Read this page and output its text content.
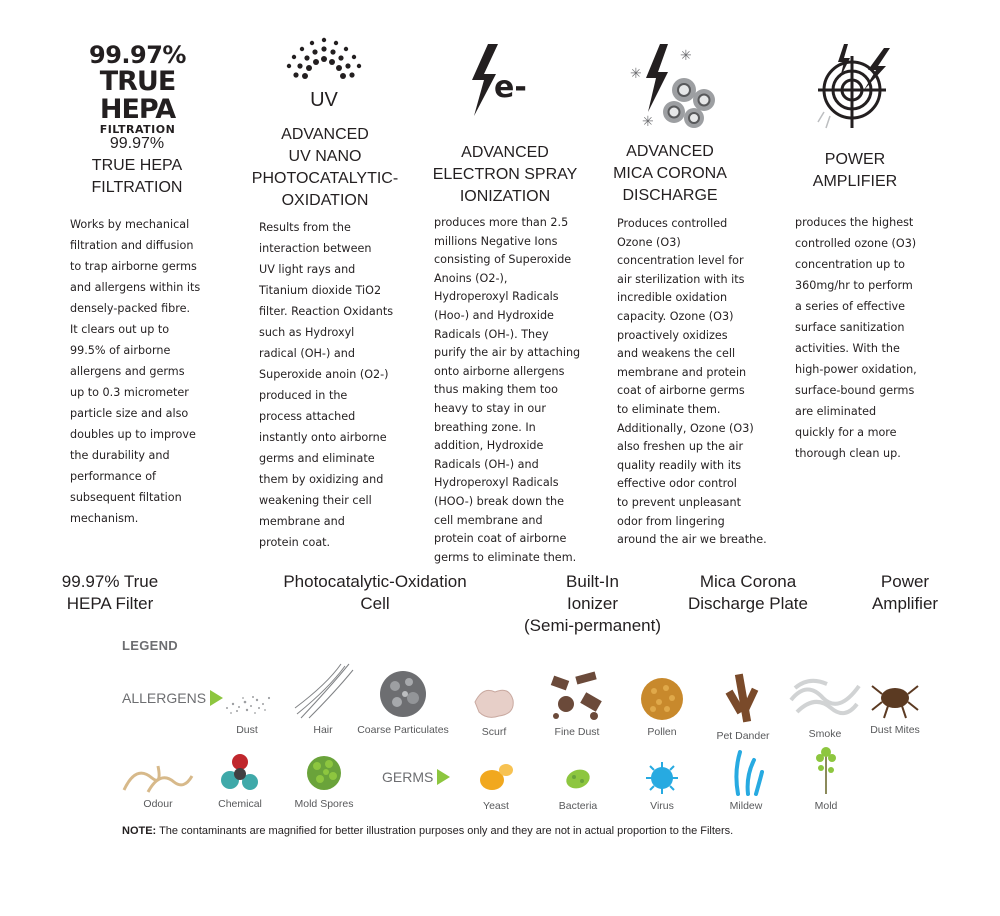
99.97%
TRUE HEPA
FILTRATION
UV	e-	✳
✳
✳
99.97%
TRUE HEPA
FILTRATION
ADVANCED
UV NANO
PHOTOCATALYTIC-
OXIDATION
ADVANCED
ELECTRON SPRAY
IONIZATION
ADVANCED
MICA CORONA
DISCHARGE
POWER
AMPLIFIER
Works by mechanical
filtration and diffusion
to trap airborne germs
and allergens within its
densely-packed fibre.
It clears out up to
99.5% of airborne
allergens and germs
up to 0.3 micrometer
particle size and also
doubles up to improve
the durability and
performance of
subsequent filtation
mechanism.
Results from the
interaction between
UV light rays and
Titanium dioxide TiO2
filter. Reaction Oxidants
such as Hydroxyl
radical (OH-) and
Superoxide anoin (O2-)
produced in the
process attached
instantly onto airborne
germs and eliminate
them by oxidizing and
weakening their cell
membrane and
protein coat.
produces more than 2.5
millions Negative Ions
consisting of Superoxide
Anoins (O2-),
Hydroperoxyl Radicals
(Hoo-) and Hydroxide
Radicals (OH-). They
purify the air by attaching
onto airborne allergens
thus making them too
heavy to stay in our
breathing zone. In
addition, Hydroxide
Radicals (OH-) and
Hydroperoxyl Radicals
(HOO-) break down the
cell membrane and
protein coat of airborne
germs to eliminate them.
Produces controlled
Ozone (O3)
concentration level for
air sterilization with its
incredible oxidation
capacity. Ozone (O3)
proactively oxidizes
and weakens the cell
membrane and protein
coat of airborne germs
to eliminate them.
Additionally, Ozone (O3)
also freshen up the air
quality readily with its
effective odor control
to prevent unpleasant
odor from lingering
around the air we breathe.
produces the highest
controlled ozone (O3)
concentration up to
360mg/hr to perform
a series of effective
surface sanitization
activities. With the
high-power oxidation,
surface-bound germs
are eliminated
quickly for a more
thorough clean up.
99.97% True
HEPA Filter
Photocatalytic-Oxidation
Cell
Built-In
Ionizer
(Semi-permanent)
Mica Corona
Discharge Plate
Power
Amplifier
LEGEND
ALLERGENS
Dust	Hair	Coarse Particulates	Scurf	Fine Dust	Pollen	Pet Dander	Smoke	Dust Mites
Odour	Chemical	Mold Spores
GERMS
Yeast	Bacteria	Virus	Mildew	Mold
NOTE: The contaminants are magnified for better illustration purposes only and they are not in actual proportion to the Filters.
